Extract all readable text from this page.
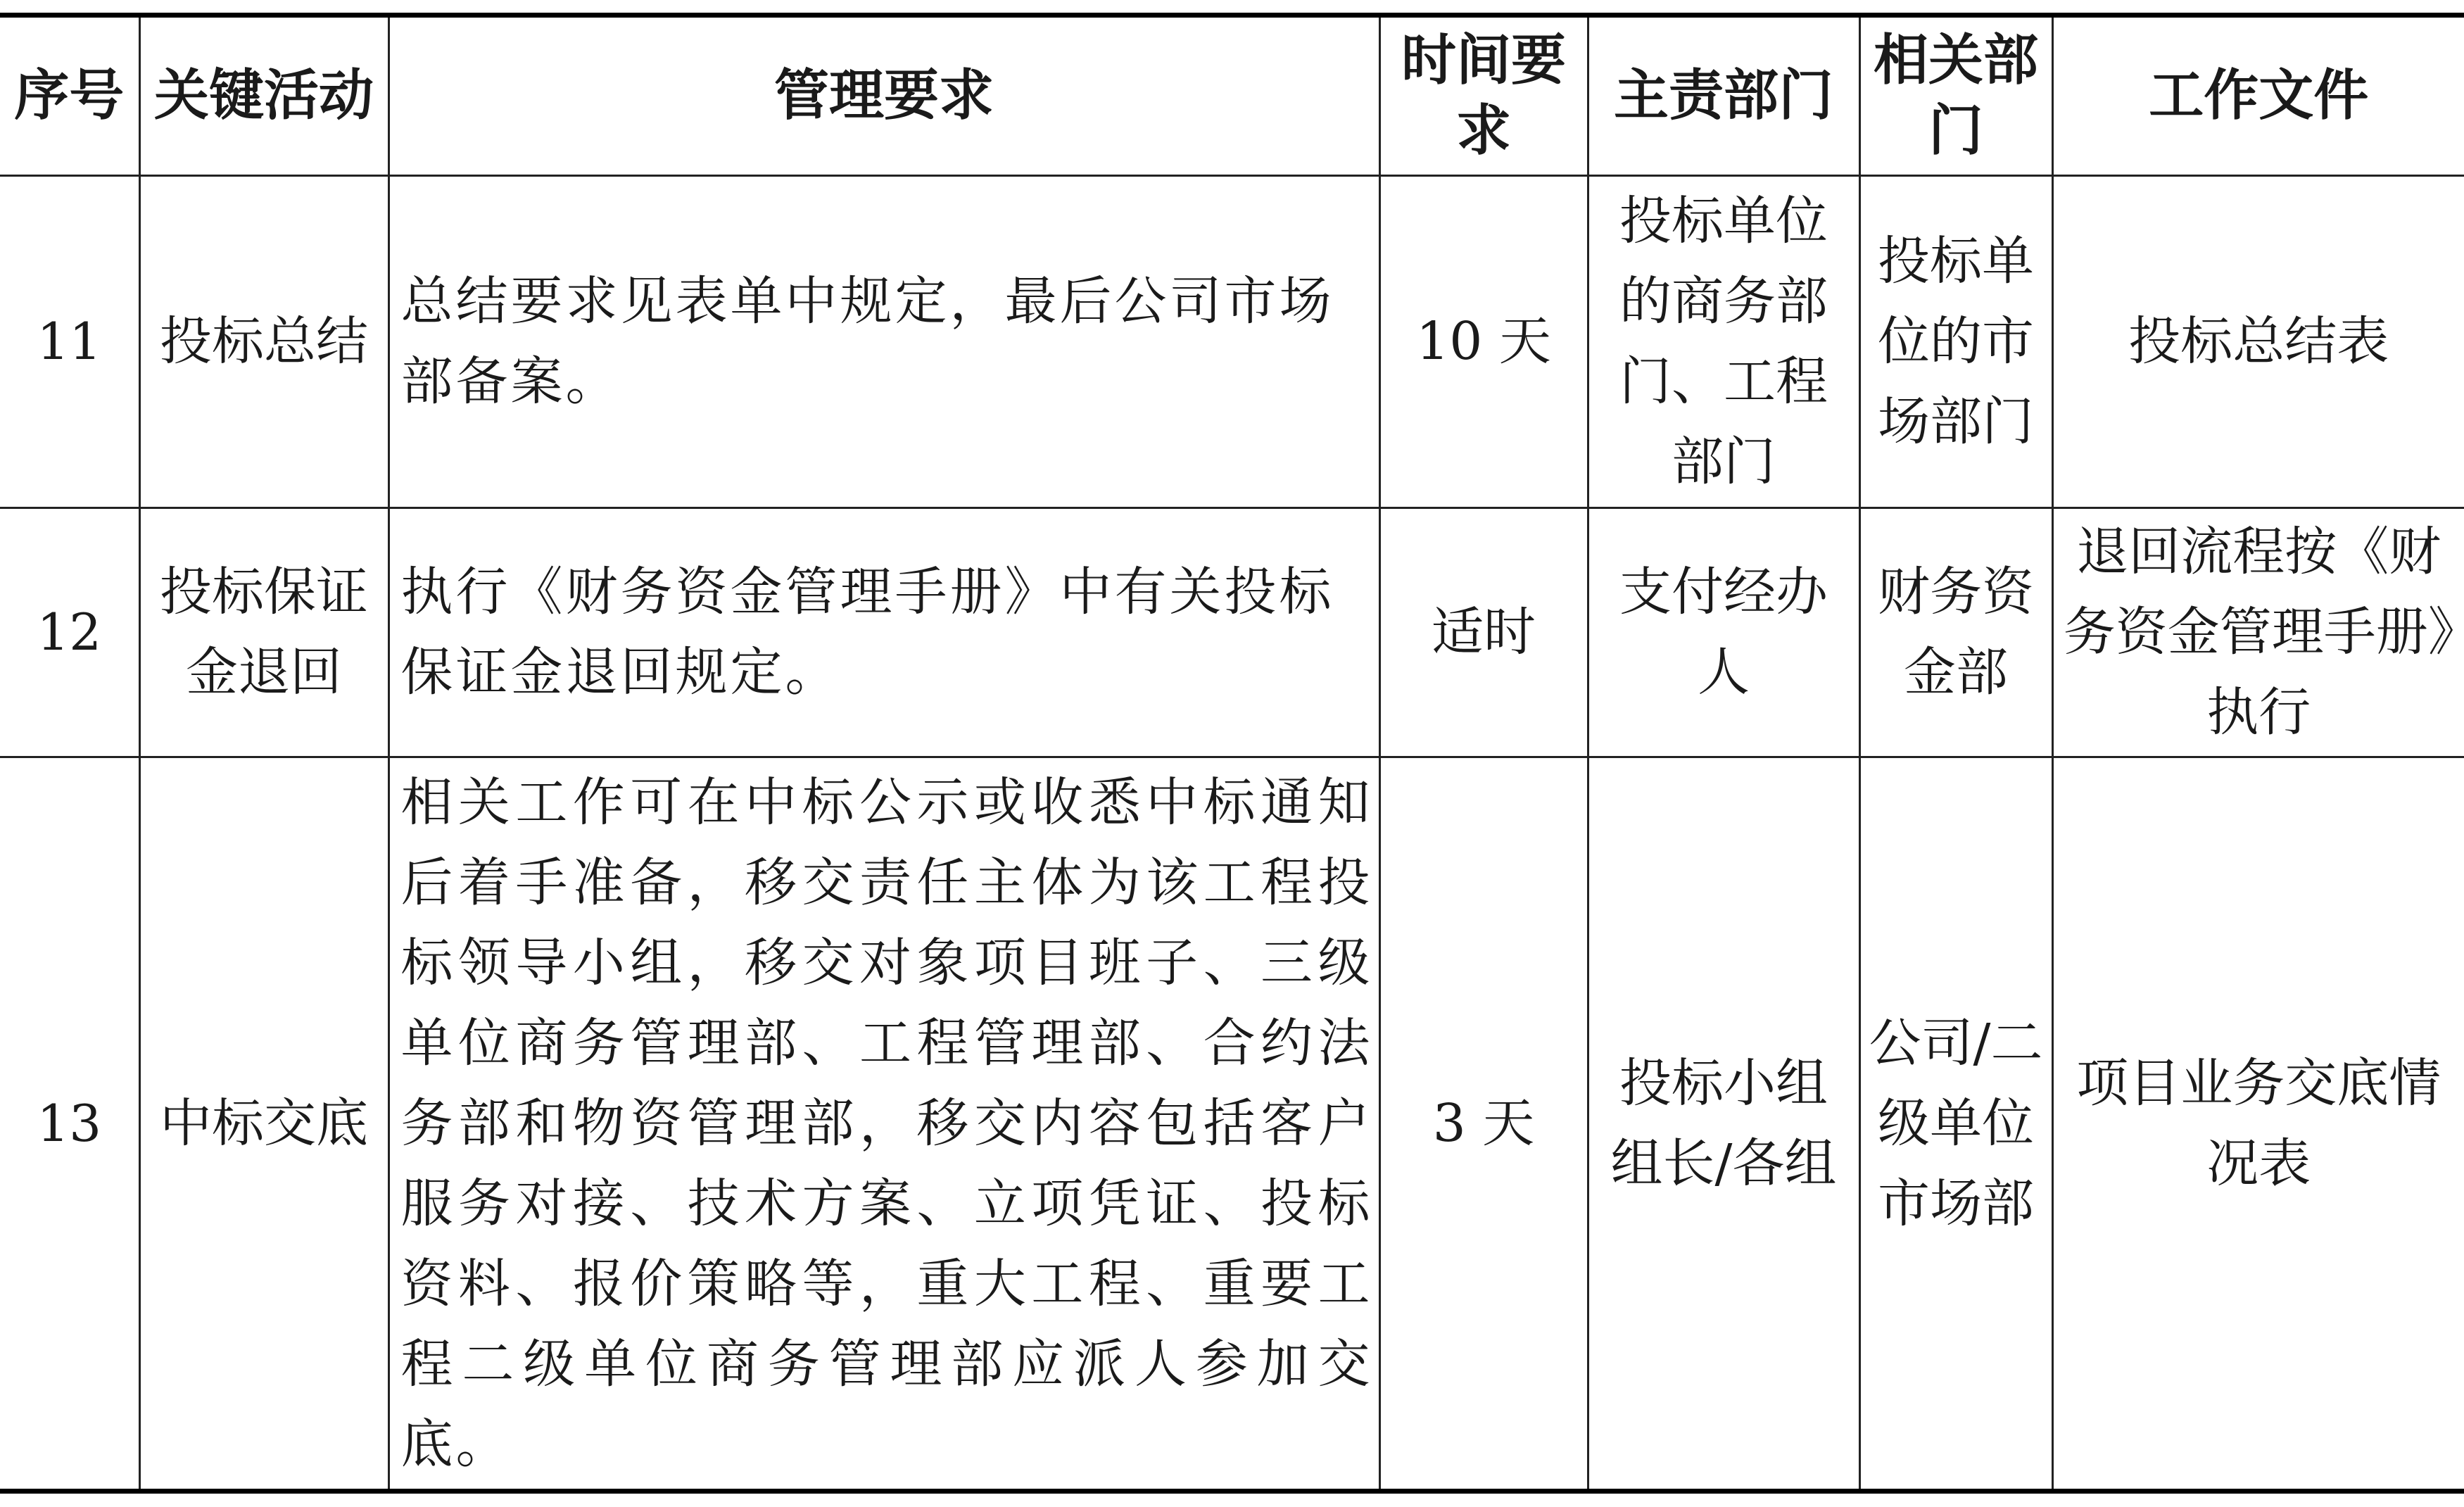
序号	关键活动	管理要求	时间要求	主责部门	相关部门	工作文件
11	投标总结	总结要求见表单中规定，最后公司市场部备案。	10 天	投标单位的商务部门、工程部门	投标单位的市场部门	投标总结表
12	投标保证金退回	执行《财务资金管理手册》中有关投标保证金退回规定。	适时	支付经办人	财务资金部	退回流程按《财务资金管理手册》执行
13	中标交底	相关工作可在中标公示或收悉中标通知后着手准备，移交责任主体为该工程投标领导小组，移交对象项目班子、三级单位商务管理部、工程管理部、合约法务部和物资管理部，移交内容包括客户服务对接、技术方案、立项凭证、投标资料、报价策略等，重大工程、重要工程二级单位商务管理部应派人参加交底。	3 天	投标小组组长/各组	公司/二级单位市场部	项目业务交底情况表
